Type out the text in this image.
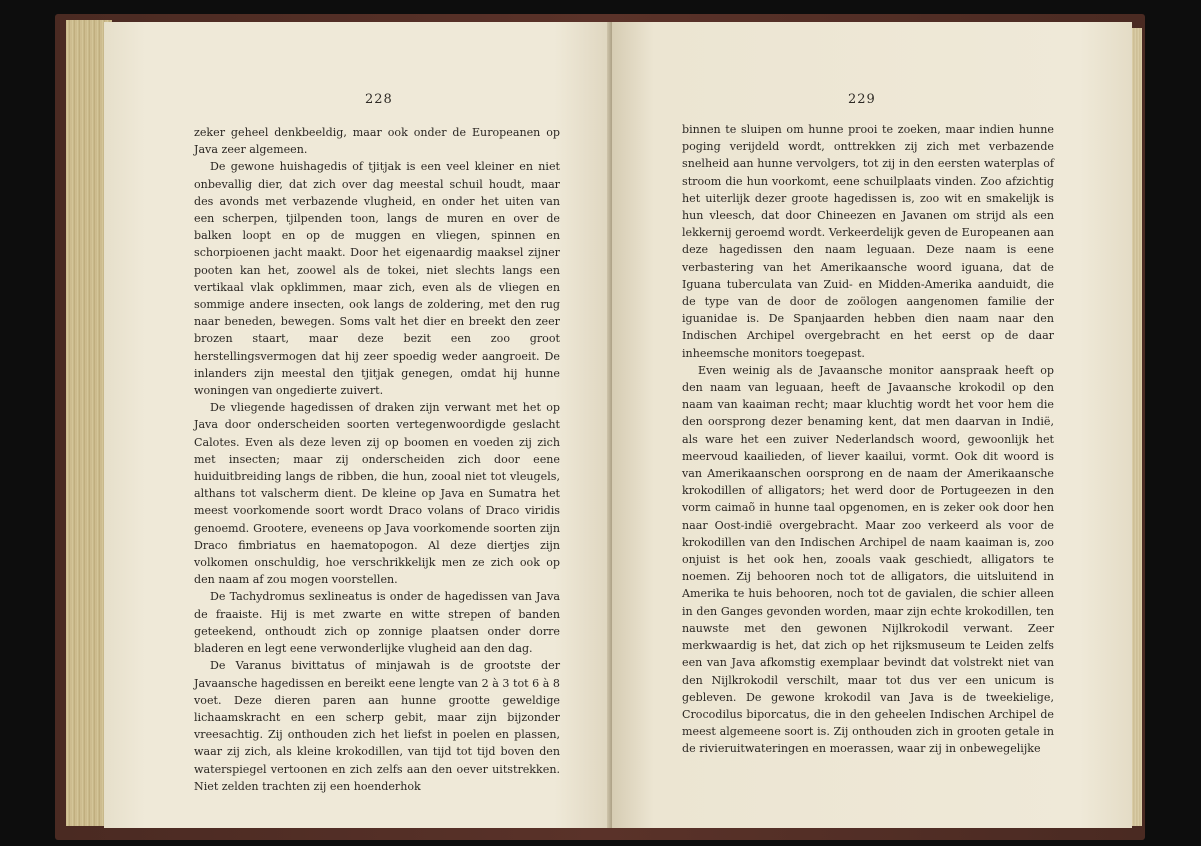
228

zeker geheel denkbeeldig, maar ook onder de Europeanen op Java zeer algemeen.

De gewone huishagedis of tjitjak is een veel kleiner en niet onbevallig dier, dat zich over dag meestal schuil houdt, maar des avonds met verbazende vlugheid, en onder het uiten van een scherpen, tjilpenden toon, langs de muren en over de balken loopt en op de muggen en vliegen, spinnen en schorpioenen jacht maakt. Door het eigenaardig maaksel zijner pooten kan het, zoowel als de tokei, niet slechts langs een vertikaal vlak opklimmen, maar zich, even als de vliegen en sommige andere insecten, ook langs de zoldering, met den rug naar beneden, bewegen. Soms valt het dier en breekt den zeer brozen staart, maar deze bezit een zoo groot herstellingsvermogen dat hij zeer spoedig weder aangroeit. De inlanders zijn meestal den tjitjak genegen, omdat hij hunne woningen van ongedierte zuivert.

De vliegende hagedissen of draken zijn verwant met het op Java door onderscheiden soorten vertegenwoordigde geslacht Calotes. Even als deze leven zij op boomen en voeden zij zich met insecten; maar zij onderscheiden zich door eene huiduitbreiding langs de ribben, die hun, zooal niet tot vleugels, althans tot valscherm dient. De kleine op Java en Sumatra het meest voorkomende soort wordt Draco volans of Draco viridis genoemd. Grootere, eveneens op Java voorkomende soorten zijn Draco fimbriatus en haematopogon. Al deze diertjes zijn volkomen onschuldig, hoe verschrikkelijk men ze zich ook op den naam af zou mogen voorstellen.

De Tachydromus sexlineatus is onder de hagedissen van Java de fraaiste. Hij is met zwarte en witte strepen of banden geteekend, onthoudt zich op zonnige plaatsen onder dorre bladeren en legt eene verwonderlijke vlugheid aan den dag.

De Varanus bivittatus of minjawah is de grootste der Javaansche hagedissen en bereikt eene lengte van 2 à 3 tot 6 à 8 voet. Deze dieren paren aan hunne grootte geweldige lichaamskracht en een scherp gebit, maar zijn bijzonder vreesachtig. Zij onthouden zich het liefst in poelen en plassen, waar zij zich, als kleine krokodillen, van tijd tot tijd boven den waterspiegel vertoonen en zich zelfs aan den oever uitstrekken. Niet zelden trachten zij een hoenderhok

229

binnen te sluipen om hunne prooi te zoeken, maar indien hunne poging verijdeld wordt, onttrekken zij zich met verbazende snelheid aan hunne vervolgers, tot zij in den eersten waterplas of stroom die hun voorkomt, eene schuilplaats vinden. Zoo afzichtig het uiterlijk dezer groote hagedissen is, zoo wit en smakelijk is hun vleesch, dat door Chineezen en Javanen om strijd als een lekkernij geroemd wordt. Verkeerdelijk geven de Europeanen aan deze hagedissen den naam leguaan. Deze naam is eene verbastering van het Amerikaansche woord iguana, dat de Iguana tuberculata van Zuid- en Midden-Amerika aanduidt, die de type van de door de zoölogen aangenomen familie der iguanidae is. De Spanjaarden hebben dien naam naar den Indischen Archipel overgebracht en het eerst op de daar inheemsche monitors toegepast.

Even weinig als de Javaansche monitor aanspraak heeft op den naam van leguaan, heeft de Javaansche krokodil op den naam van kaaiman recht; maar kluchtig wordt het voor hem die den oorsprong dezer benaming kent, dat men daarvan in Indië, als ware het een zuiver Nederlandsch woord, gewoonlijk het meervoud kaailieden, of liever kaailui, vormt. Ook dit woord is van Amerikaanschen oorsprong en de naam der Amerikaansche krokodillen of alligators; het werd door de Portugeezen in den vorm caimaõ in hunne taal opgenomen, en is zeker ook door hen naar Oost-indië overgebracht. Maar zoo verkeerd als voor de krokodillen van den Indischen Archipel de naam kaaiman is, zoo onjuist is het ook hen, zooals vaak geschiedt, alligators te noemen. Zij behooren noch tot de alligators, die uitsluitend in Amerika te huis behooren, noch tot de gavialen, die schier alleen in den Ganges gevonden worden, maar zijn echte krokodillen, ten nauwste met den gewonen Nijlkrokodil verwant. Zeer merkwaardig is het, dat zich op het rijksmuseum te Leiden zelfs een van Java afkomstig exemplaar bevindt dat volstrekt niet van den Nijlkrokodil verschilt, maar tot dus ver een unicum is gebleven. De gewone krokodil van Java is de tweekielige, Crocodilus biporcatus, die in den geheelen Indischen Archipel de meest algemeene soort is. Zij onthouden zich in grooten getale in de rivieruitwateringen en moerassen, waar zij in onbewegelijke
